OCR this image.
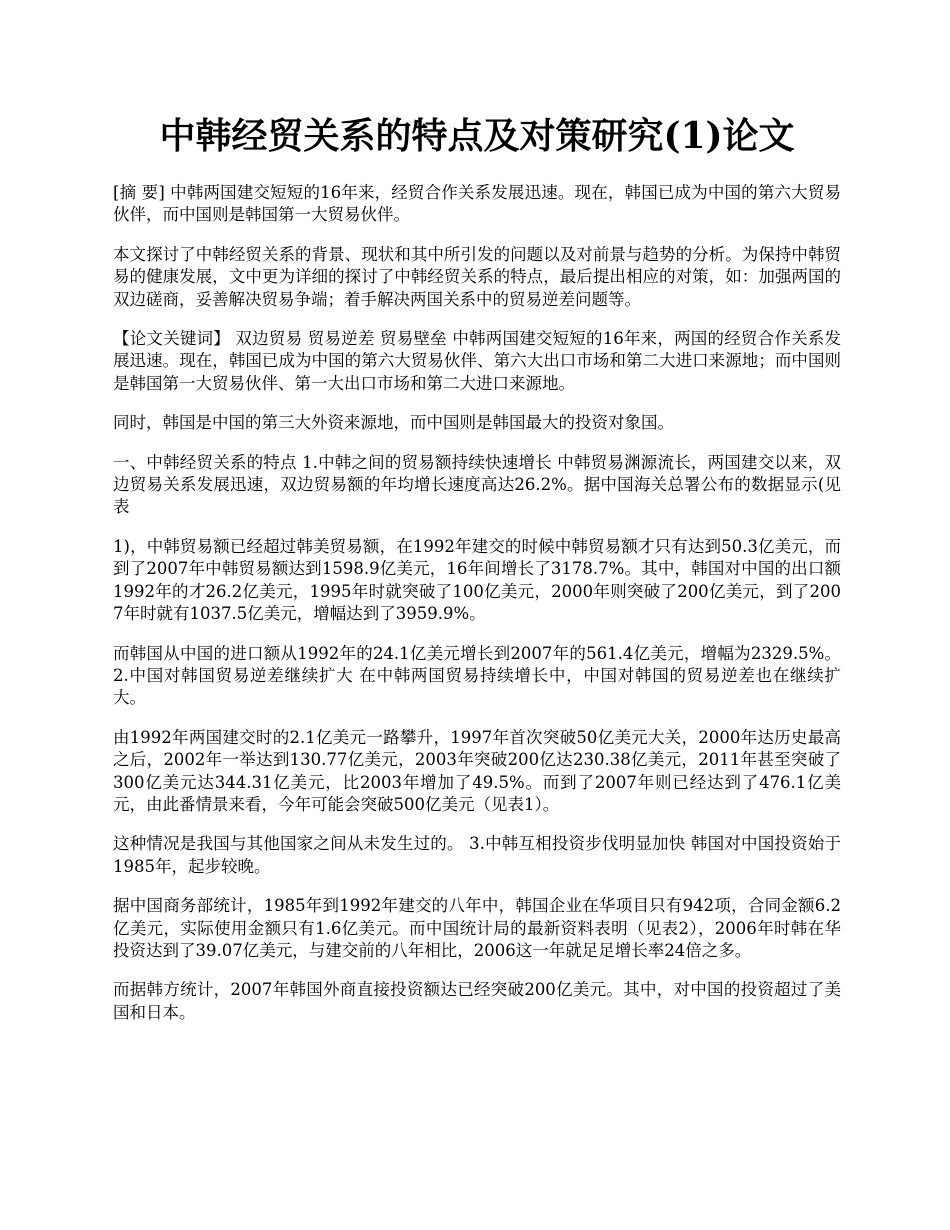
中韩经贸关系的特点及对策研究(1)论文

[摘 要] 中韩两国建交短短的16年来，经贸合作关系发展迅速。现在，韩国已成为中国的第六大贸易伙伴，而中国则是韩国第一大贸易伙伴。

本文探讨了中韩经贸关系的背景、现状和其中所引发的问题以及对前景与趋势的分析。为保持中韩贸易的健康发展，文中更为详细的探讨了中韩经贸关系的特点，最后提出相应的对策，如：加强两国的双边磋商，妥善解决贸易争端；着手解决两国关系中的贸易逆差问题等。

【论文关键词】 双边贸易 贸易逆差 贸易壁垒 中韩两国建交短短的16年来，两国的经贸合作关系发展迅速。现在，韩国已成为中国的第六大贸易伙伴、第六大出口市场和第二大进口来源地；而中国则是韩国第一大贸易伙伴、第一大出口市场和第二大进口来源地。

同时，韩国是中国的第三大外资来源地，而中国则是韩国最大的投资对象国。

一、中韩经贸关系的特点 1.中韩之间的贸易额持续快速增长 中韩贸易渊源流长，两国建交以来，双边贸易关系发展迅速，双边贸易额的年均增长速度高达26.2%。据中国海关总署公布的数据显示(见表

1)，中韩贸易额已经超过韩美贸易额，在1992年建交的时候中韩贸易额才只有达到50.3亿美元，而到了2007年中韩贸易额达到1598.9亿美元，16年间增长了3178.7%。其中，韩国对中国的出口额1992年的才26.2亿美元，1995年时就突破了100亿美元，2000年则突破了200亿美元，到了2007年时就有1037.5亿美元，增幅达到了3959.9%。

而韩国从中国的进口额从1992年的24.1亿美元增长到2007年的561.4亿美元，增幅为2329.5%。 2.中国对韩国贸易逆差继续扩大 在中韩两国贸易持续增长中，中国对韩国的贸易逆差也在继续扩大。

由1992年两国建交时的2.1亿美元一路攀升，1997年首次突破50亿美元大关，2000年达历史最高之后，2002年一举达到130.77亿美元，2003年突破200亿达230.38亿美元，2011年甚至突破了300亿美元达344.31亿美元，比2003年增加了49.5%。而到了2007年则已经达到了476.1亿美元，由此番情景来看，今年可能会突破500亿美元（见表1）。

这种情况是我国与其他国家之间从未发生过的。 3.中韩互相投资步伐明显加快 韩国对中国投资始于1985年，起步较晚。

据中国商务部统计，1985年到1992年建交的八年中，韩国企业在华项目只有942项，合同金额6.2亿美元，实际使用金额只有1.6亿美元。而中国统计局的最新资料表明（见表2），2006年时韩在华投资达到了39.07亿美元，与建交前的八年相比，2006这一年就足足增长率24倍之多。

而据韩方统计，2007年韩国外商直接投资额达已经突破200亿美元。其中，对中国的投资超过了美国和日本。
